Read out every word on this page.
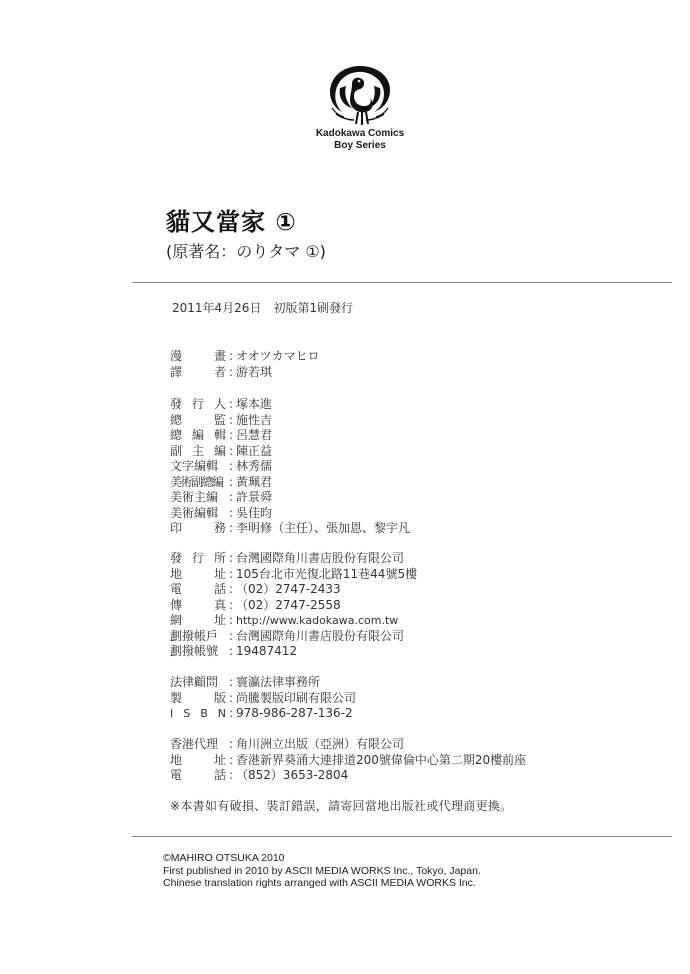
Kadokawa Comics
Boy Series
貓又當家 ①
(原著名：のりタマ ①)
2011年4月26日　初版第1刷發行
漫	畫 : オオツカマヒロ
譯	者 : 游若琪
發 行 人 : 塚本進
總	監 : 施性吉
總 編 輯 : 呂慧君
副 主 編 : 陳正益
文字編輯 : 林秀儒
美術副總編 : 黃珮君
美術主編 : 許景舜
美術編輯 : 吳佳昀
印	務 : 李明修（主任）、張加恩、黎宇凡
發 行 所 : 台灣國際角川書店股份有限公司
地	址 : 105台北市光復北路11巷44號5樓
電	話 : （02）2747-2433
傳	真 : （02）2747-2558
網	址 : http://www.kadokawa.com.tw
劃撥帳戶 : 台灣國際角川書店股份有限公司
劃撥帳號 : 19487412
法律顧問 : 寰瀛法律事務所
製	版 : 尚騰製版印刷有限公司
I S B N : 978-986-287-136-2
香港代理 : 角川洲立出版（亞洲）有限公司
地	址 : 香港新界葵涌大連排道200號偉倫中心第二期20樓前座
電	話 : （852）3653-2804
※本書如有破損、裝訂錯誤，請寄回當地出版社或代理商更換。
©MAHIRO OTSUKA 2010
First published in 2010 by ASCII MEDIA WORKS Inc., Tokyo, Japan.
Chinese translation rights arranged with ASCII MEDIA WORKS Inc.
